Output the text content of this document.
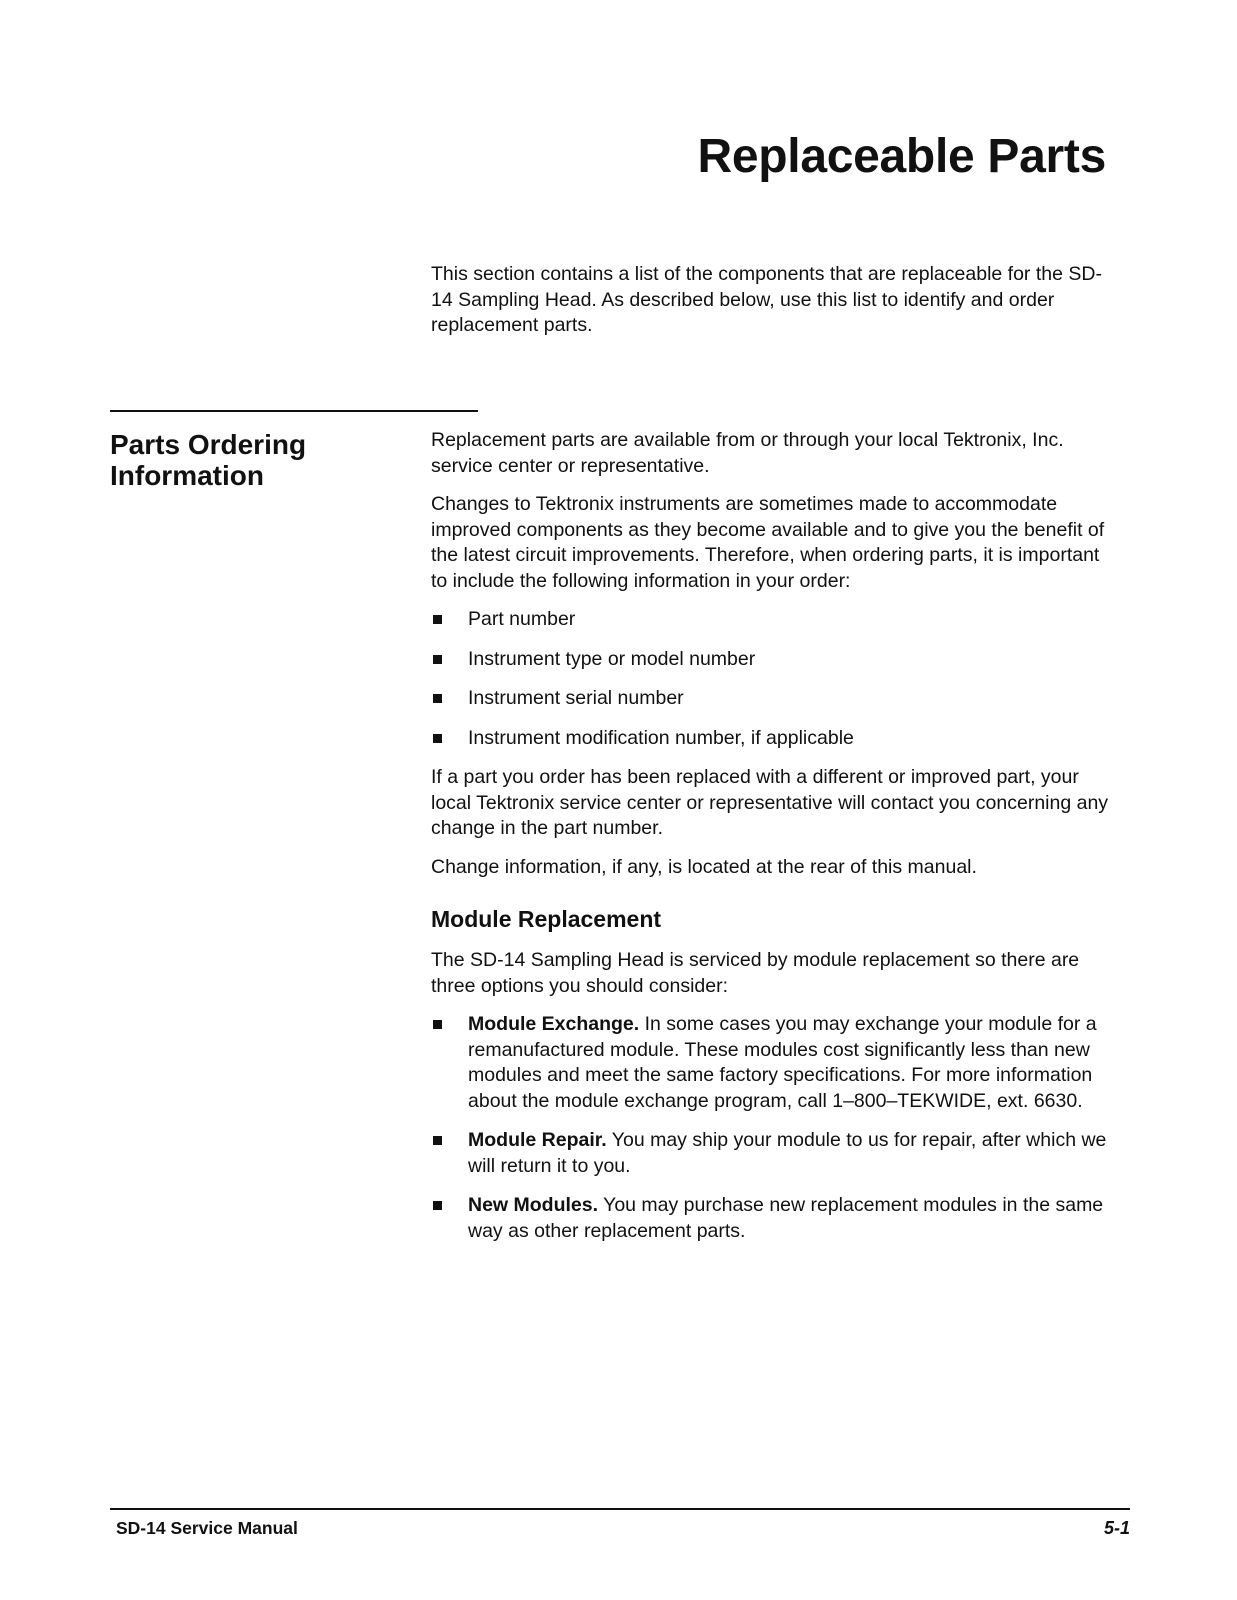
Replaceable Parts

This section contains a list of the components that are replaceable for the SD-14 Sampling Head. As described below, use this list to identify and order replacement parts.

Parts Ordering
Information

Replacement parts are available from or through your local Tektronix, Inc. service center or representative.

Changes to Tektronix instruments are sometimes made to accommodate improved components as they become available and to give you the benefit of the latest circuit improvements. Therefore, when ordering parts, it is important to include the following information in your order:

Part number
Instrument type or model number
Instrument serial number
Instrument modification number, if applicable

If a part you order has been replaced with a different or improved part, your local Tektronix service center or representative will contact you concerning any change in the part number.

Change information, if any, is located at the rear of this manual.

Module Replacement

The SD-14 Sampling Head is serviced by module replacement so there are three options you should consider:

Module Exchange. In some cases you may exchange your module for a remanufactured module. These modules cost significantly less than new modules and meet the same factory specifications. For more information about the module exchange program, call 1–800–TEKWIDE, ext. 6630.
Module Repair. You may ship your module to us for repair, after which we will return it to you.
New Modules. You may purchase new replacement modules in the same way as other replacement parts.
SD-14 Service Manual	5-1
